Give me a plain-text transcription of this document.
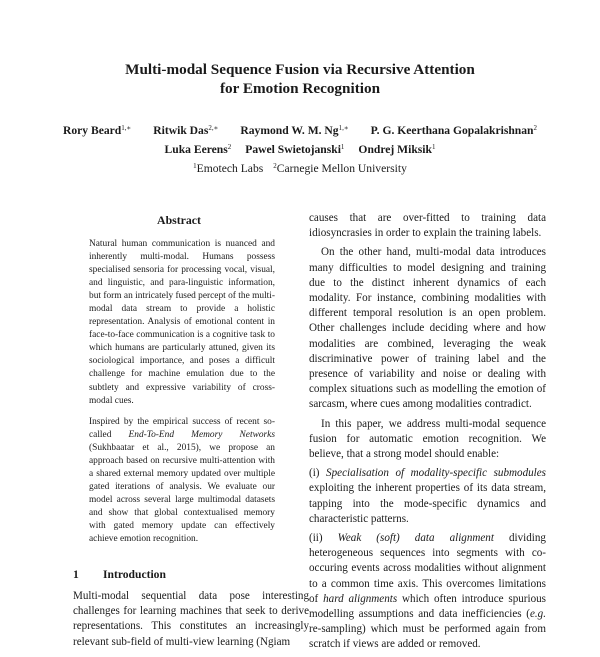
Multi-modal Sequence Fusion via Recursive Attention
for Emotion Recognition
Rory Beard$^{1,∗}$ Ritwik Das$^{2,∗}$ Raymond W. M. $Ng^{1,∗}$ P. G. Keerthana Gopalakrishnan$^2$
Luka Eerens$^2$ Pawel Swietojanski$^1$ Ondrej Miksik$^1$
$^1$Emotech Labs $^2$Carnegie Mellon University
Abstract

Natural human communication is nuanced and inherently multi-modal. Humans possess specialised sensoria for processing vocal, visual, and linguistic, and para-linguistic information, but form an intricately fused percept of the multi-modal data stream to provide a holistic representation. Analysis of emotional content in face-to-face communication is a cognitive task to which humans are particularly attuned, given its sociological importance, and poses a difficult challenge for machine emulation due to the subtlety and expressive variability of cross-modal cues.

Inspired by the empirical success of recent so-called End-To-End Memory Networks (Sukhbaatar et al., 2015), we propose an approach based on recursive multi-attention with a shared external memory updated over multiple gated iterations of analysis. We evaluate our model across several large multimodal datasets and show that global contextualised memory with gated memory update can effectively achieve emotion recognition.

1 Introduction

Multi-modal sequential data pose interesting challenges for learning machines that seek to derive representations. This constitutes an increasingly relevant sub-field of multi-view learning (Ngiam

causes that are over-fitted to training data idiosyncrasies in order to explain the training labels.

On the other hand, multi-modal data introduces many difficulties to model designing and training due to the distinct inherent dynamics of each modality. For instance, combining modalities with different temporal resolution is an open problem. Other challenges include deciding where and how modalities are combined, leveraging the weak discriminative power of training label and the presence of variability and noise or dealing with complex situations such as modelling the emotion of sarcasm, where cues among modalities contradict.

In this paper, we address multi-modal sequence fusion for automatic emotion recognition. We believe, that a strong model should enable:

(i) Specialisation of modality-specific submodules exploiting the inherent properties of its data stream, tapping into the mode-specific dynamics and characteristic patterns.

(ii) Weak (soft) data alignment dividing heterogeneous sequences into segments with co-occuring events across modalities without alignment to a common time axis. This overcomes limitations of hard alignments which often introduce spurious modelling assumptions and data inefficiencies (e.g. re-sampling) which must be performed again from scratch if views are added or removed.
